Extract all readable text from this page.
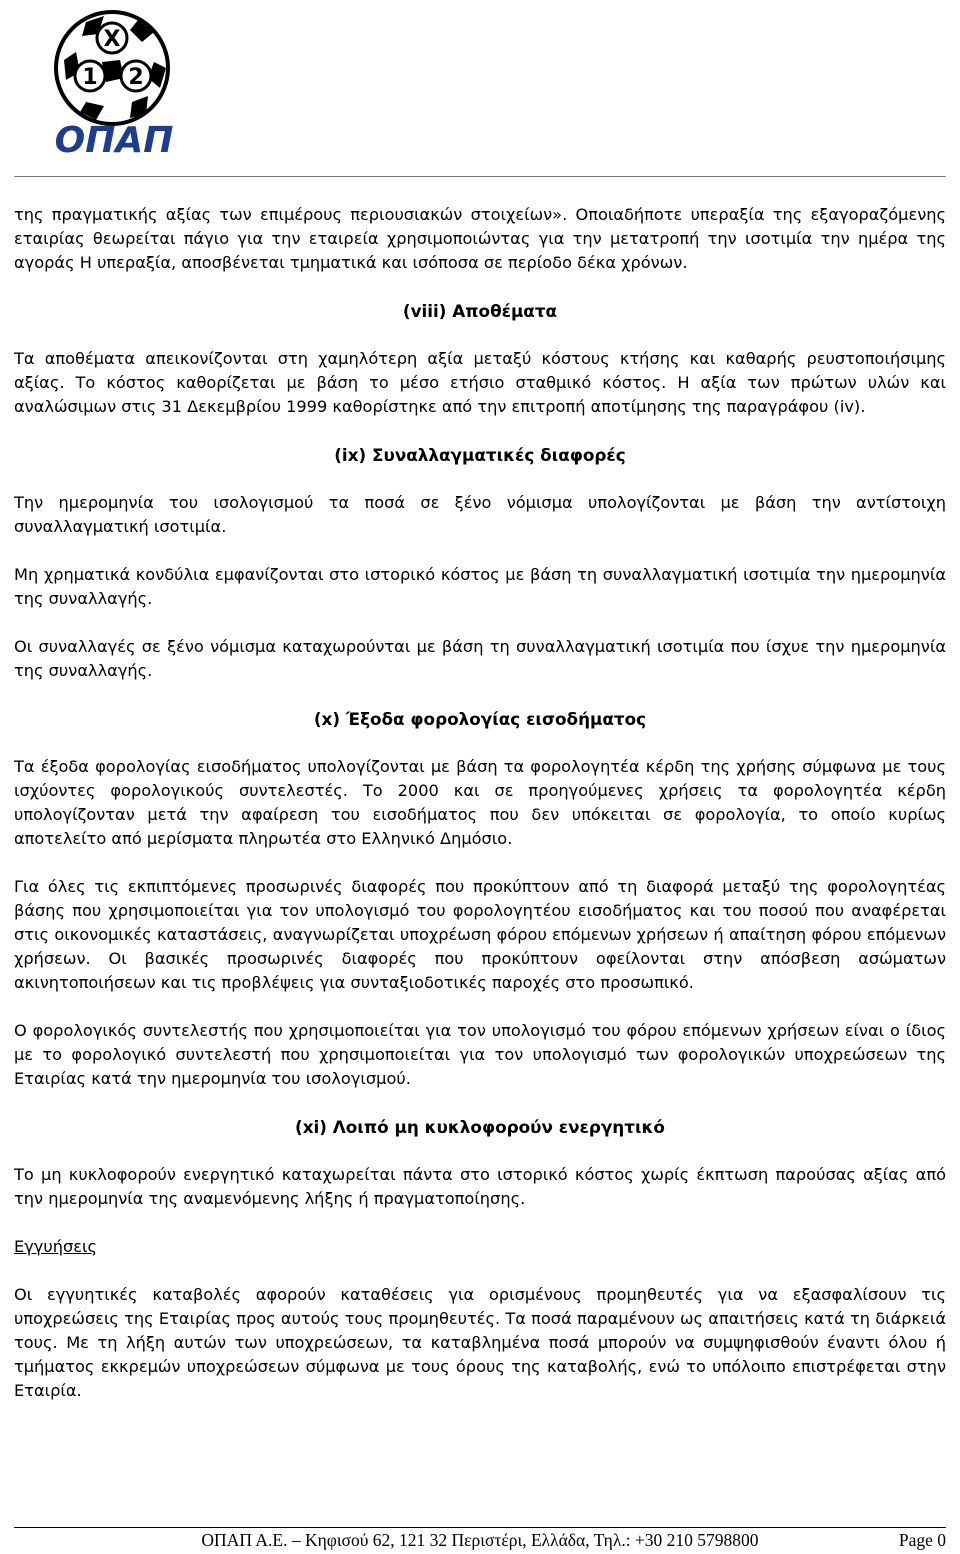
X
1 2
ΟΠΑΠ

της πραγματικής αξίας των επιμέρους περιουσιακών στοιχείων». Οποιαδήποτε υπεραξία της εξαγοραζόμενης εταιρίας θεωρείται πάγιο για την εταιρεία χρησιμοποιώντας για την μετατροπή την ισοτιμία την ημέρα της αγοράς Η υπεραξία, αποσβένεται τμηματικά και ισόποσα σε περίοδο δέκα χρόνων.

(viii) Αποθέματα

Τα αποθέματα απεικονίζονται στη χαμηλότερη αξία μεταξύ κόστους κτήσης και καθαρής ρευστοποιήσιμης αξίας. Το κόστος καθορίζεται με βάση το μέσο ετήσιο σταθμικό κόστος. Η αξία των πρώτων υλών και αναλώσιμων στις 31 Δεκεμβρίου 1999 καθορίστηκε από την επιτροπή αποτίμησης της παραγράφου (iv).

(ix) Συναλλαγματικές διαφορές

Την ημερομηνία του ισολογισμού τα ποσά σε ξένο νόμισμα υπολογίζονται με βάση την αντίστοιχη συναλλαγματική ισοτιμία.

Μη χρηματικά κονδύλια εμφανίζονται στο ιστορικό κόστος με βάση τη συναλλαγματική ισοτιμία την ημερομηνία της συναλλαγής.

Οι συναλλαγές σε ξένο νόμισμα καταχωρούνται με βάση τη συναλλαγματική ισοτιμία που ίσχυε την ημερομηνία της συναλλαγής.

(x) Έξοδα φορολογίας εισοδήματος

Τα έξοδα φορολογίας εισοδήματος υπολογίζονται με βάση τα φορολογητέα κέρδη της χρήσης σύμφωνα με τους ισχύοντες φορολογικούς συντελεστές. Το 2000 και σε προηγούμενες χρήσεις τα φορολογητέα κέρδη υπολογίζονταν μετά την αφαίρεση του εισοδήματος που δεν υπόκειται σε φορολογία, το οποίο κυρίως αποτελείτο από μερίσματα πληρωτέα στο Ελληνικό Δημόσιο.

Για όλες τις εκπιπτόμενες προσωρινές διαφορές που προκύπτουν από τη διαφορά μεταξύ της φορολογητέας βάσης που χρησιμοποιείται για τον υπολογισμό του φορολογητέου εισοδήματος και του ποσού που αναφέρεται στις οικονομικές καταστάσεις, αναγνωρίζεται υποχρέωση φόρου επόμενων χρήσεων ή απαίτηση φόρου επόμενων χρήσεων. Οι βασικές προσωρινές διαφορές που προκύπτουν οφείλονται στην απόσβεση ασώματων ακινητοποιήσεων και τις προβλέψεις για συνταξιοδοτικές παροχές στο προσωπικό.

Ο φορολογικός συντελεστής που χρησιμοποιείται για τον υπολογισμό του φόρου επόμενων χρήσεων είναι ο ίδιος με το φορολογικό συντελεστή που χρησιμοποιείται για τον υπολογισμό των φορολογικών υποχρεώσεων της Εταιρίας κατά την ημερομηνία του ισολογισμού.

(xi) Λοιπό μη κυκλοφορούν ενεργητικό

Το μη κυκλοφορούν ενεργητικό καταχωρείται πάντα στο ιστορικό κόστος χωρίς έκπτωση παρούσας αξίας από την ημερομηνία της αναμενόμενης λήξης ή πραγματοποίησης.

Εγγυήσεις

Οι εγγυητικές καταβολές αφορούν καταθέσεις για ορισμένους προμηθευτές για να εξασφαλίσουν τις υποχρεώσεις της Εταιρίας προς αυτούς τους προμηθευτές. Τα ποσά παραμένουν ως απαιτήσεις κατά τη διάρκειά τους. Με τη λήξη αυτών των υποχρεώσεων, τα καταβλημένα ποσά μπορούν να συμψηφισθούν έναντι όλου ή τμήματος εκκρεμών υποχρεώσεων σύμφωνα με τους όρους της καταβολής, ενώ το υπόλοιπο επιστρέφεται στην Εταιρία.

ΟΠΑΠ Α.Ε. – Κηφισού 62, 121 32 Περιστέρι, Ελλάδα, Τηλ.: +30 210 5798800	Page 0
